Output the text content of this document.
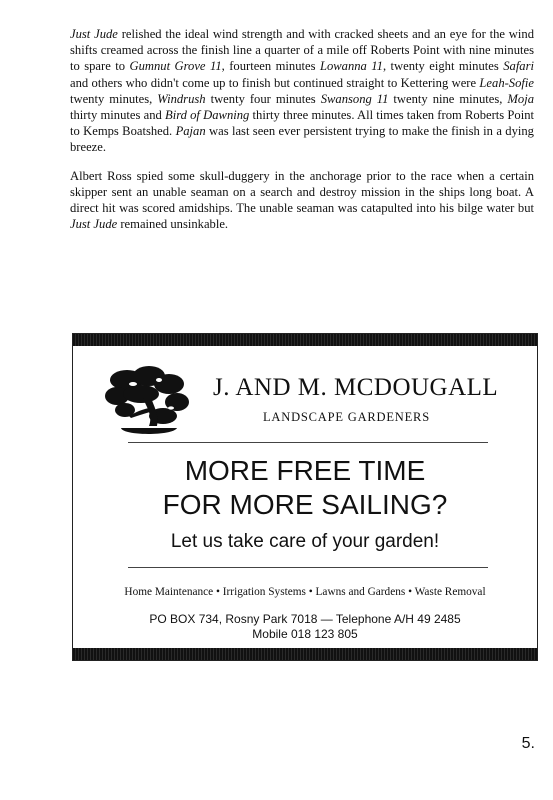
Just Jude relished the ideal wind strength and with cracked sheets and an eye for the wind shifts creamed across the finish line a quarter of a mile off Roberts Point with nine minutes to spare to Gumnut Grove 11, fourteen minutes Lowanna 11, twenty eight minutes Safari and others who didn't come up to finish but continued straight to Kettering were Leah-Sofie twenty minutes, Windrush twenty four minutes Swansong 11 twenty nine minutes, Moja thirty minutes and Bird of Dawning thirty three minutes. All times taken from Roberts Point to Kemps Boatshed. Pajan was last seen ever persistent trying to make the finish in a dying breeze.

Albert Ross spied some skull-duggery in the anchorage prior to the race when a certain skipper sent an unable seaman on a search and destroy mission in the ships long boat. A direct hit was scored amidships. The unable seaman was catapulted into his bilge water but Just Jude remained unsinkable.

J. AND M. MCDOUGALL
LANDSCAPE GARDENERS
MORE FREE TIME
FOR MORE SAILING?
Let us take care of your garden!
Home Maintenance • Irrigation Systems • Lawns and Gardens • Waste Removal
PO BOX 734, Rosny Park 7018 — Telephone A/H 49 2485
Mobile 018 123 805
5.
